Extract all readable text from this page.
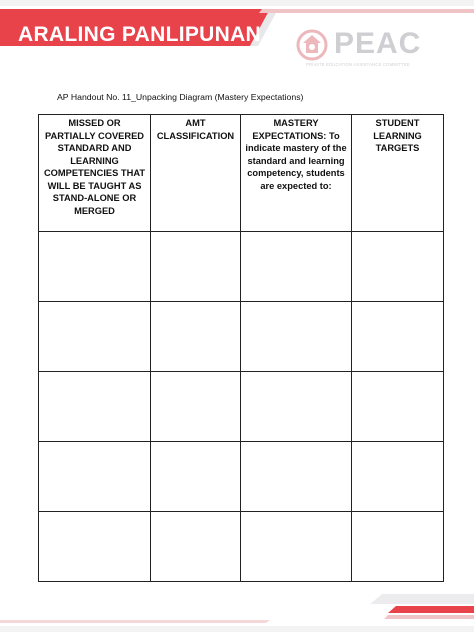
ARALING PANLIPUNAN PEAC
PRIVATE EDUCATION ASSISTANCE COMMITTEE
AP Handout No. 11_Unpacking Diagram (Mastery Expectations)
MISSED OR PARTIALLY COVERED STANDARD AND LEARNING COMPETENCIES THAT WILL BE TAUGHT AS STAND-ALONE OR MERGED	AMT CLASSIFICATION	MASTERY EXPECTATIONS: To indicate mastery of the standard and learning competency, students are expected to:	STUDENT LEARNING TARGETS
